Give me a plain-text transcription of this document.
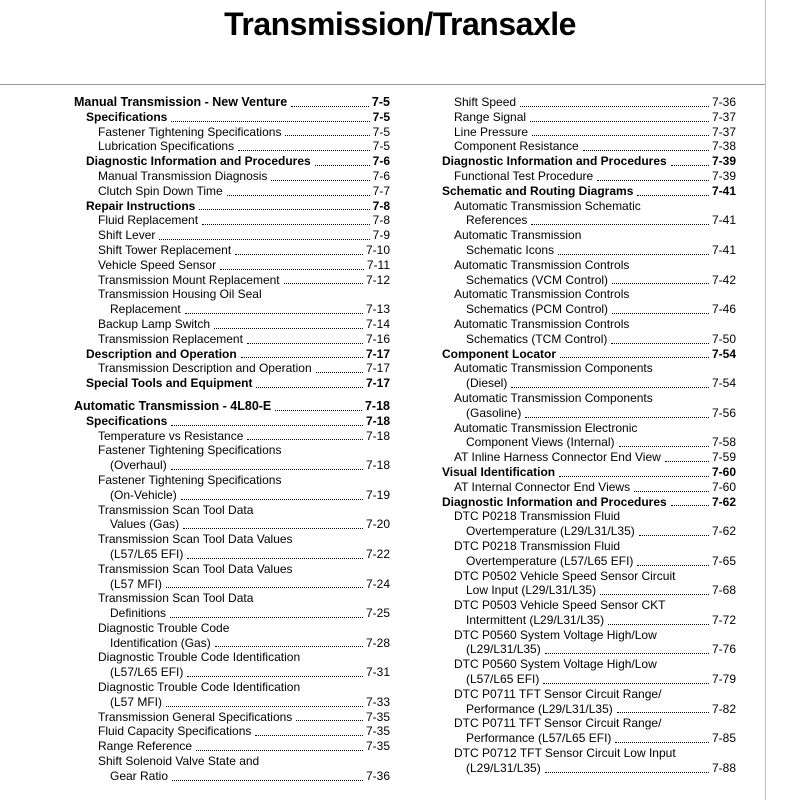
Transmission/Transaxle
Manual Transmission - New Venture	7-5
Specifications	7-5
Fastener Tightening Specifications	7-5
Lubrication Specifications	7-5
Diagnostic Information and Procedures	7-6
Manual Transmission Diagnosis	7-6
Clutch Spin Down Time	7-7
Repair Instructions	7-8
Fluid Replacement	7-8
Shift Lever	7-9
Shift Tower Replacement	7-10
Vehicle Speed Sensor	7-11
Transmission Mount Replacement	7-12
Transmission Housing Oil Seal
Replacement	7-13
Backup Lamp Switch	7-14
Transmission Replacement	7-16
Description and Operation	7-17
Transmission Description and Operation	7-17
Special Tools and Equipment	7-17
Automatic Transmission - 4L80-E	7-18
Specifications	7-18
Temperature vs Resistance	7-18
Fastener Tightening Specifications
(Overhaul)	7-18
Fastener Tightening Specifications
(On-Vehicle)	7-19
Transmission Scan Tool Data
Values (Gas)	7-20
Transmission Scan Tool Data Values
(L57/L65 EFI)	7-22
Transmission Scan Tool Data Values
(L57 MFI)	7-24
Transmission Scan Tool Data
Definitions	7-25
Diagnostic Trouble Code
Identification (Gas)	7-28
Diagnostic Trouble Code Identification
(L57/L65 EFI)	7-31
Diagnostic Trouble Code Identification
(L57 MFI)	7-33
Transmission General Specifications	7-35
Fluid Capacity Specifications	7-35
Range Reference	7-35
Shift Solenoid Valve State and
Gear Ratio	7-36
Shift Speed	7-36
Range Signal	7-37
Line Pressure	7-37
Component Resistance	7-38
Diagnostic Information and Procedures	7-39
Functional Test Procedure	7-39
Schematic and Routing Diagrams	7-41
Automatic Transmission Schematic
References	7-41
Automatic Transmission
Schematic Icons	7-41
Automatic Transmission Controls
Schematics (VCM Control)	7-42
Automatic Transmission Controls
Schematics (PCM Control)	7-46
Automatic Transmission Controls
Schematics (TCM Control)	7-50
Component Locator	7-54
Automatic Transmission Components
(Diesel)	7-54
Automatic Transmission Components
(Gasoline)	7-56
Automatic Transmission Electronic
Component Views (Internal)	7-58
AT Inline Harness Connector End View	7-59
Visual Identification	7-60
AT Internal Connector End Views	7-60
Diagnostic Information and Procedures	7-62
DTC P0218 Transmission Fluid
Overtemperature (L29/L31/L35)	7-62
DTC P0218 Transmission Fluid
Overtemperature (L57/L65 EFI)	7-65
DTC P0502 Vehicle Speed Sensor Circuit
Low Input (L29/L31/L35)	7-68
DTC P0503 Vehicle Speed Sensor CKT
Intermittent (L29/L31/L35)	7-72
DTC P0560 System Voltage High/Low
(L29/L31/L35)	7-76
DTC P0560 System Voltage High/Low
(L57/L65 EFI)	7-79
DTC P0711 TFT Sensor Circuit Range/
Performance (L29/L31/L35)	7-82
DTC P0711 TFT Sensor Circuit Range/
Performance (L57/L65 EFI)	7-85
DTC P0712 TFT Sensor Circuit Low Input
(L29/L31/L35)	7-88
